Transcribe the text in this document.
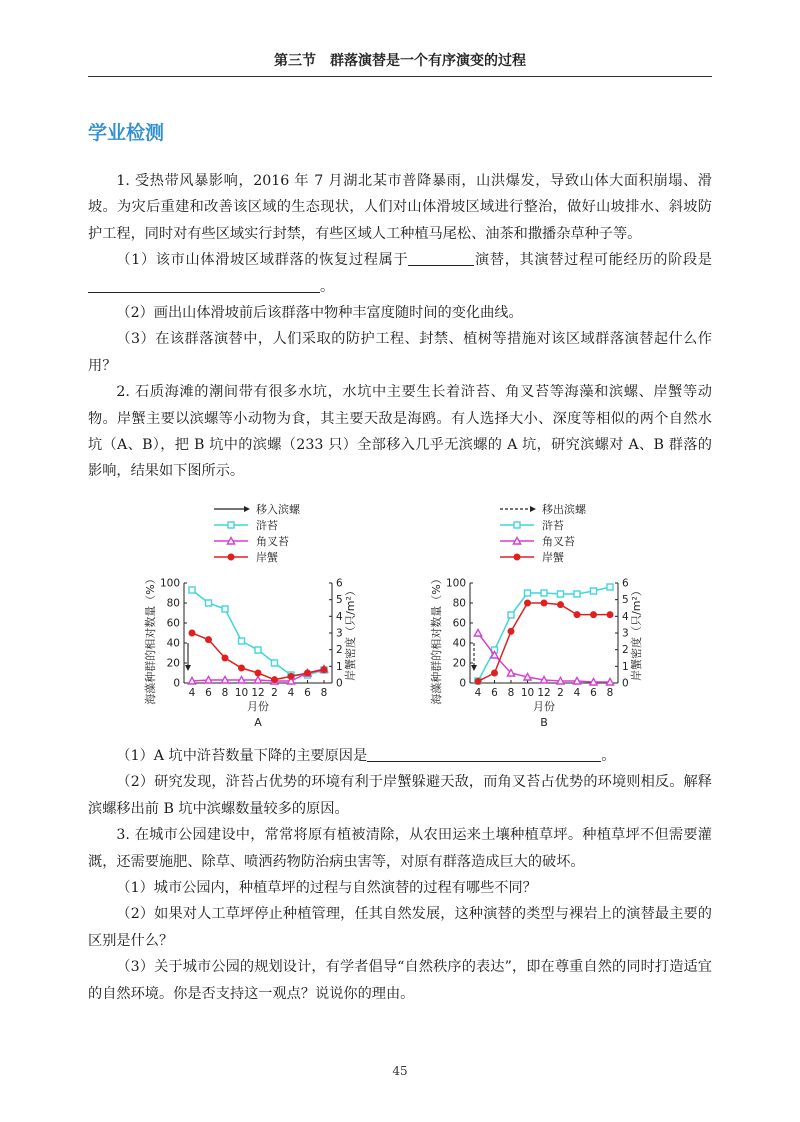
第三节　群落演替是一个有序演变的过程
学业检测

1. 受热带风暴影响，2016 年 7 月湖北某市普降暴雨，山洪爆发，导致山体大面积崩塌、滑坡。为灾后重建和改善该区域的生态现状，人们对山体滑坡区域进行整治，做好山坡排水、斜坡防护工程，同时对有些区域实行封禁，有些区域人工种植马尾松、油茶和撒播杂草种子等。

（1）该市山体滑坡区域群落的恢复过程属于	演替，其演替过程可能经历的阶段是。

（2）画出山体滑坡前后该群落中物种丰富度随时间的变化曲线。

（3）在该群落演替中，人们采取的防护工程、封禁、植树等措施对该区域群落演替起什么作用？

2. 石质海滩的潮间带有很多水坑，水坑中主要生长着浒苔、角叉苔等海藻和滨螺、岸蟹等动物。岸蟹主要以滨螺等小动物为食，其主要天敌是海鸥。有人选择大小、深度等相似的两个自然水坑（A、B），把 B 坑中的滨螺（233 只）全部移入几乎无滨螺的 A 坑，研究滨螺对 A、B 群落的影响，结果如下图所示。

移入滨螺
浒苔
角叉苔
岸蟹
0
20
40
60
80
100
0
1
2
3
4
5
6
4 6 8 10 12 2 4 6 8
月份
A
海藻种群的相对数量（%）	岸蟹密度（只/m²）
移出滨螺
浒苔
角叉苔
岸蟹
0
20
40
60
80
100
0
1
2
3
4
5
6
4 6 8 10 12 2 4 6 8
月份
B
海藻种群的相对数量（%）	岸蟹密度（只/m²）

（1）A 坑中浒苔数量下降的主要原因是	。

（2）研究发现，浒苔占优势的环境有利于岸蟹躲避天敌，而角叉苔占优势的环境则相反。解释滨螺移出前 B 坑中滨螺数量较多的原因。

3. 在城市公园建设中，常常将原有植被清除，从农田运来土壤种植草坪。种植草坪不但需要灌溉，还需要施肥、除草、喷洒药物防治病虫害等，对原有群落造成巨大的破坏。

（1）城市公园内，种植草坪的过程与自然演替的过程有哪些不同？

（2）如果对人工草坪停止种植管理，任其自然发展，这种演替的类型与裸岩上的演替最主要的区别是什么？

（3）关于城市公园的规划设计，有学者倡导“自然秩序的表达”，即在尊重自然的同时打造适宜的自然环境。你是否支持这一观点？说说你的理由。

45
